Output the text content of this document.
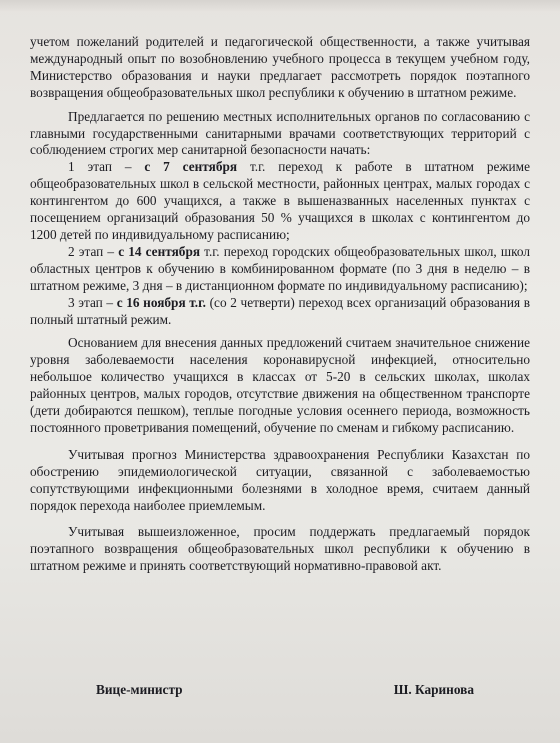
учетом пожеланий родителей и педагогической общественности, а также учитывая международный опыт по возобновлению учебного процесса в текущем учебном году, Министерство образования и науки предлагает рассмотреть порядок поэтапного возвращения общеобразовательных школ республики к обучению в штатном режиме.

Предлагается по решению местных исполнительных органов по согласованию с главными государственными санитарными врачами соответствующих территорий с соблюдением строгих мер санитарной безопасности начать:

1 этап – с 7 сентября т.г. переход к работе в штатном режиме общеобразовательных школ в сельской местности, районных центрах, малых городах с контингентом до 600 учащихся, а также в вышеназванных населенных пунктах с посещением организаций образования 50 % учащихся в школах с контингентом до 1200 детей по индивидуальному расписанию;

2 этап – с 14 сентября т.г. переход городских общеобразовательных школ, школ областных центров к обучению в комбинированном формате (по 3 дня в неделю – в штатном режиме, 3 дня – в дистанционном формате по индивидуальному расписанию);

3 этап – с 16 ноября т.г. (со 2 четверти) переход всех организаций образования в полный штатный режим.

Основанием для внесения данных предложений считаем значительное снижение уровня заболеваемости населения коронавирусной инфекцией, относительно небольшое количество учащихся в классах от 5-20 в сельских школах, школах районных центров, малых городов, отсутствие движения на общественном транспорте (дети добираются пешком), теплые погодные условия осеннего периода, возможность постоянного проветривания помещений, обучение по сменам и гибкому расписанию.

Учитывая прогноз Министерства здравоохранения Республики Казахстан по обострению эпидемиологической ситуации, связанной с заболеваемостью сопутствующими инфекционными болезнями в холодное время, считаем данный порядок перехода наиболее приемлемым.

Учитывая вышеизложенное, просим поддержать предлагаемый порядок поэтапного возвращения общеобразовательных школ республики к обучению в штатном режиме и принять соответствующий нормативно-правовой акт.

Вице-министр	Ш. Каринова
